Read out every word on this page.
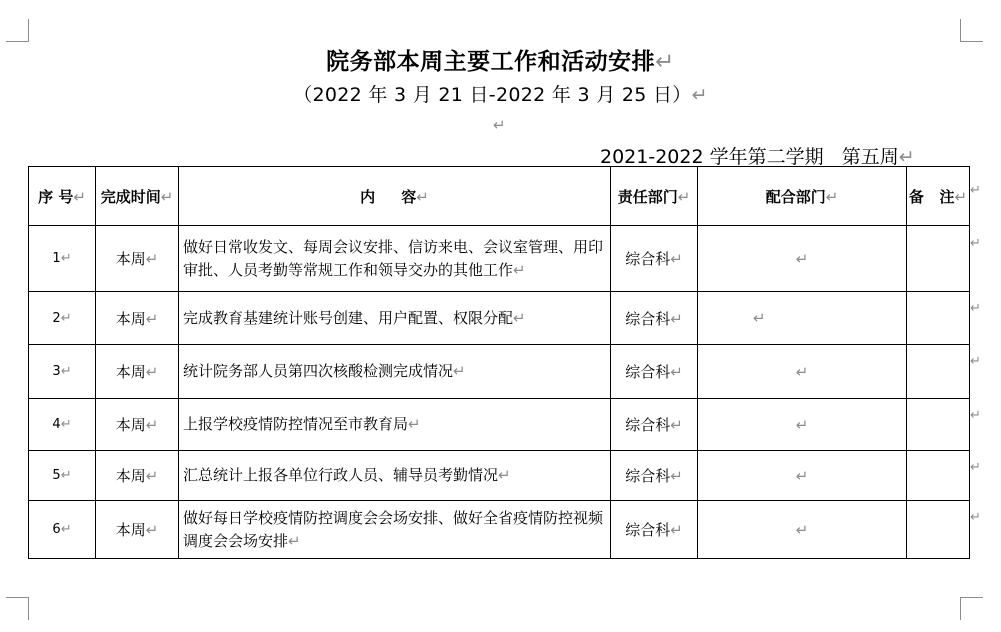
院务部本周主要工作和活动安排↵
（2022 年 3 月 21 日-2022 年 3 月 25 日）↵
↵
2021-2022 学年第二学期   第五周↵
序 号↵	完成时间↵	内     容↵	责任部门↵	配合部门↵	备   注↵
1↵	本周↵	做好日常收发文、每周会议安排、信访来电、会议室管理、用印审批、人员考勤等常规工作和领导交办的其他工作↵	综合科↵	↵	
2↵	本周↵	完成教育基建统计账号创建、用户配置、权限分配↵	综合科↵	↵	
3↵	本周↵	统计院务部人员第四次核酸检测完成情况↵	综合科↵	↵	
4↵	本周↵	上报学校疫情防控情况至市教育局↵	综合科↵	↵	
5↵	本周↵	汇总统计上报各单位行政人员、辅导员考勤情况↵	综合科↵	↵	
6↵	本周↵	做好每日学校疫情防控调度会会场安排、做好全省疫情防控视频调度会会场安排↵	综合科↵	↵	
↵
↵
↵
↵
↵
↵
↵
